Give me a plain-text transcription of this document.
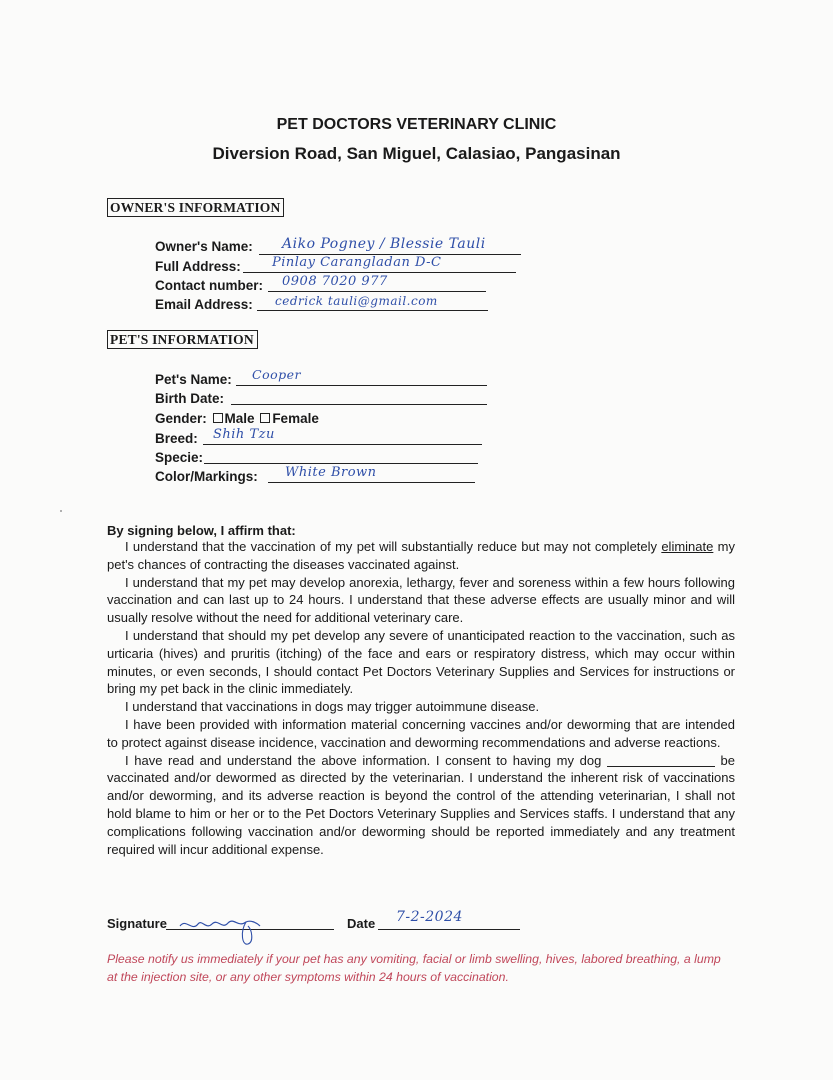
PET DOCTORS VETERINARY CLINIC
Diversion Road, San Miguel, Calasiao, Pangasinan
OWNER'S INFORMATION
Owner's Name: Aiko Pogney / Blessie Tauli
Full Address: Pinlay Carangladan D-C
Contact number: 0908 7020 977
Email Address: cedrick tauli@gmail.com
PET'S INFORMATION
Pet's Name: Cooper
Birth Date:
Gender: Male Female
Breed: Shih Tzu
Specie:
Color/Markings: White Brown
By signing below, I affirm that:

I understand that the vaccination of my pet will substantially reduce but may not completely eliminate my pet's chances of contracting the diseases vaccinated against.

I understand that my pet may develop anorexia, lethargy, fever and soreness within a few hours following vaccination and can last up to 24 hours. I understand that these adverse effects are usually minor and will usually resolve without the need for additional veterinary care.

I understand that should my pet develop any severe of unanticipated reaction to the vaccination, such as urticaria (hives) and pruritis (itching) of the face and ears or respiratory distress, which may occur within minutes, or even seconds, I should contact Pet Doctors Veterinary Supplies and Services for instructions or bring my pet back in the clinic immediately.

I understand that vaccinations in dogs may trigger autoimmune disease.

I have been provided with information material concerning vaccines and/or deworming that are intended to protect against disease incidence, vaccination and deworming recommendations and adverse reactions.

I have read and understand the above information. I consent to having my dog	be vaccinated and/or dewormed as directed by the veterinarian. I understand the inherent risk of vaccinations and/or deworming, and its adverse reaction is beyond the control of the attending veterinarian, I shall not hold blame to him or her or to the Pet Doctors Veterinary Supplies and Services staffs. I understand that any complications following vaccination and/or deworming should be reported immediately and any treatment required will incur additional expense.

Signature	Date 7-2-2024
Please notify us immediately if your pet has any vomiting, facial or limb swelling, hives, labored breathing, a lump at the injection site, or any other symptoms within 24 hours of vaccination.
